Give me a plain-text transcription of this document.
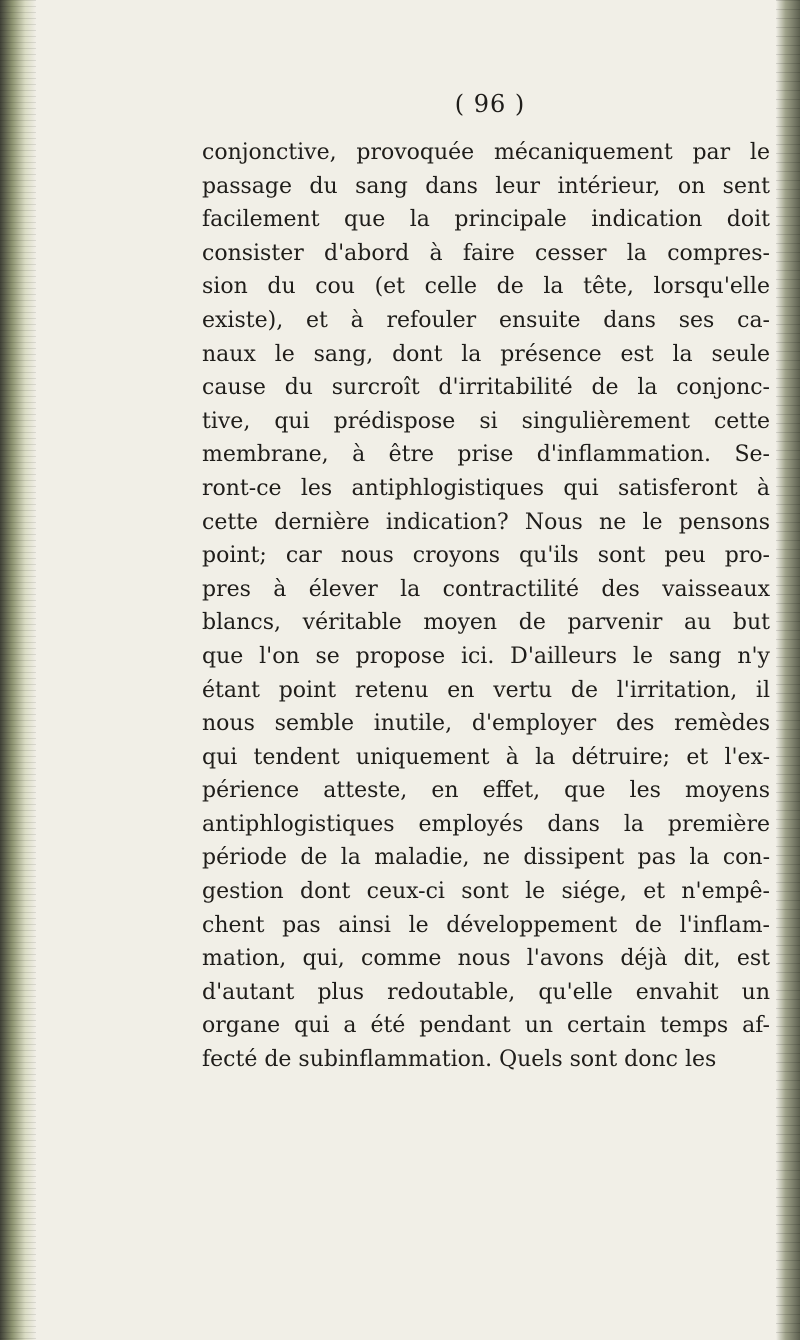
( 96 )
conjonctive, provoquée mécaniquement par le
passage du sang dans leur intérieur, on sent
facilement que la principale indication doit
consister d'abord à faire cesser la compres-
sion du cou (et celle de la tête, lorsqu'elle
existe), et à refouler ensuite dans ses ca-
naux le sang, dont la présence est la seule
cause du surcroît d'irritabilité de la conjonc-
tive, qui prédispose si singulièrement cette
membrane, à être prise d'inflammation. Se-
ront-ce les antiphlogistiques qui satisferont à
cette dernière indication? Nous ne le pensons
point; car nous croyons qu'ils sont peu pro-
pres à élever la contractilité des vaisseaux
blancs, véritable moyen de parvenir au but
que l'on se propose ici. D'ailleurs le sang n'y
étant point retenu en vertu de l'irritation, il
nous semble inutile, d'employer des remèdes
qui tendent uniquement à la détruire; et l'ex-
périence atteste, en effet, que les moyens
antiphlogistiques employés dans la première
période de la maladie, ne dissipent pas la con-
gestion dont ceux-ci sont le siége, et n'empê-
chent pas ainsi le développement de l'inflam-
mation, qui, comme nous l'avons déjà dit, est
d'autant plus redoutable, qu'elle envahit un
organe qui a été pendant un certain temps af-
fecté de subinflammation. Quels sont donc les
